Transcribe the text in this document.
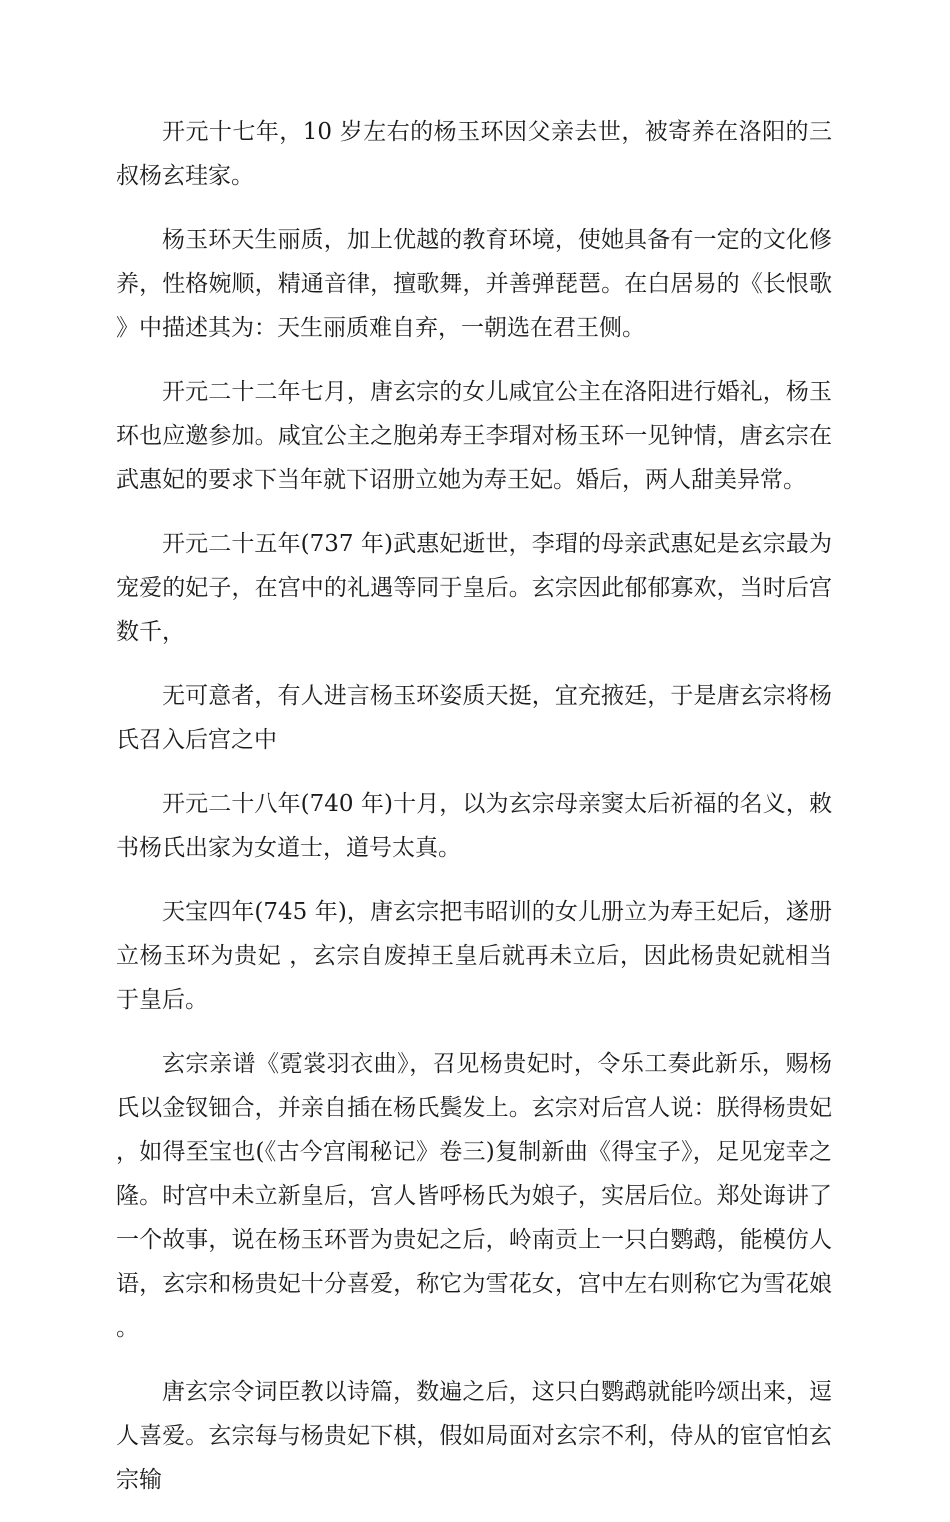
开元十七年，10 岁左右的杨玉环因父亲去世，被寄养在洛阳的三叔杨玄珪家。

杨玉环天生丽质，加上优越的教育环境，使她具备有一定的文化修养，性格婉顺，精通音律，擅歌舞，并善弹琵琶。在白居易的《长恨歌》中描述其为：天生丽质难自弃，一朝选在君王侧。

开元二十二年七月，唐玄宗的女儿咸宜公主在洛阳进行婚礼，杨玉环也应邀参加。咸宜公主之胞弟寿王李瑁对杨玉环一见钟情，唐玄宗在武惠妃的要求下当年就下诏册立她为寿王妃。婚后，两人甜美异常。

开元二十五年(737 年)武惠妃逝世，李瑁的母亲武惠妃是玄宗最为宠爱的妃子，在宫中的礼遇等同于皇后。玄宗因此郁郁寡欢，当时后宫数千，

无可意者，有人进言杨玉环姿质天挺，宜充掖廷，于是唐玄宗将杨氏召入后宫之中

开元二十八年(740 年)十月，以为玄宗母亲窦太后祈福的名义，敕书杨氏出家为女道士，道号太真。

天宝四年(745 年)，唐玄宗把韦昭训的女儿册立为寿王妃后，遂册立杨玉环为贵妃 ，玄宗自废掉王皇后就再未立后，因此杨贵妃就相当于皇后。

玄宗亲谱《霓裳羽衣曲》，召见杨贵妃时，令乐工奏此新乐，赐杨氏以金钗钿合，并亲自插在杨氏鬓发上。玄宗对后宫人说：朕得杨贵妃，如得至宝也(《古今宫闱秘记》卷三)复制新曲《得宝子》，足见宠幸之隆。时宫中未立新皇后，宫人皆呼杨氏为娘子，实居后位。郑处诲讲了一个故事，说在杨玉环晋为贵妃之后，岭南贡上一只白鹦鹉，能模仿人语，玄宗和杨贵妃十分喜爱，称它为雪花女，宫中左右则称它为雪花娘。

唐玄宗令词臣教以诗篇，数遍之后，这只白鹦鹉就能吟颂出来，逗人喜爱。玄宗每与杨贵妃下棋，假如局面对玄宗不利，侍从的宦官怕玄宗输
